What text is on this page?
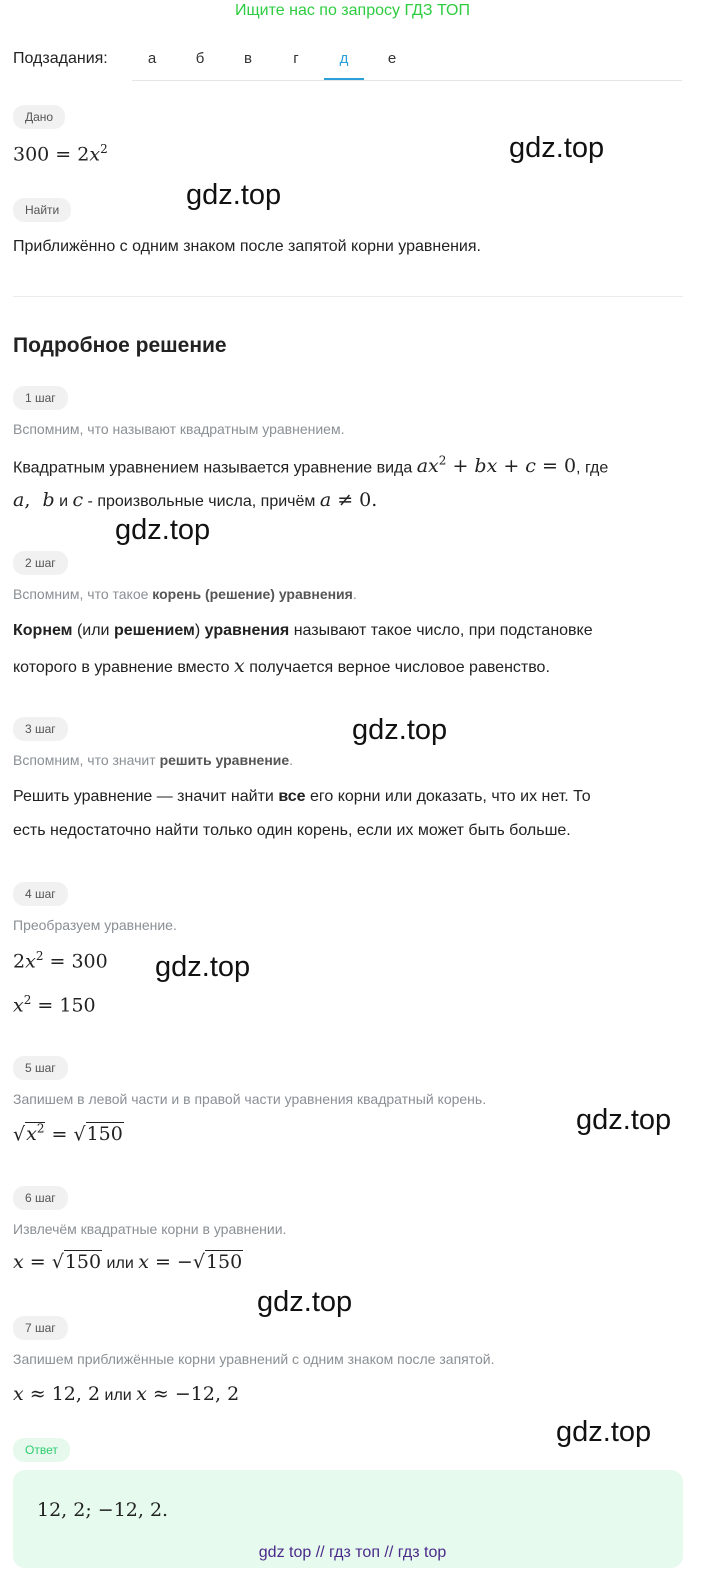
Ищите нас по запросу ГДЗ ТОП
Подзадания:	а	б	в	г	д	е
Дано
$300 = 2x^2$
Найти
Приближённо с одним знаком после запятой корни уравнения.
Подробное решение
1 шаг
Вспомним, что называют квадратным уравнением.
Квадратным уравнением называется уравнение вида $ax^2$ + bx + c = 0, где
a,  b и c - произвольные числа, причём a ≠ 0.
2 шаг
Вспомним, что такое корень (решение) уравнения.
Корнем (или решением) уравнения называют такое число, при подстановке
которого в уравнение вместо x получается верное числовое равенство.
3 шаг
Вспомним, что значит решить уравнение.
Решить уравнение — значит найти все его корни или доказать, что их нет. То
есть недостаточно найти только один корень, если их может быть больше.
4 шаг
Преобразуем уравнение.
$2x^2 = 300$
$x^2 = 150$
5 шаг
Запишем в левой части и в правой части уравнения квадратный корень.
$√x^2 = √150$
6 шаг
Извлечём квадратные корни в уравнении.
x = √150 или x = −√150
7 шаг
Запишем приближённые корни уравнений с одним знаком после запятой.
x ≈ 12, 2 или x ≈ −12, 2
Ответ
12, 2; −12, 2.
gdz.top
gdz.top
gdz.top
gdz.top
gdz.top
gdz.top
gdz.top
gdz.top
gdz top // гдз топ // гдз top
